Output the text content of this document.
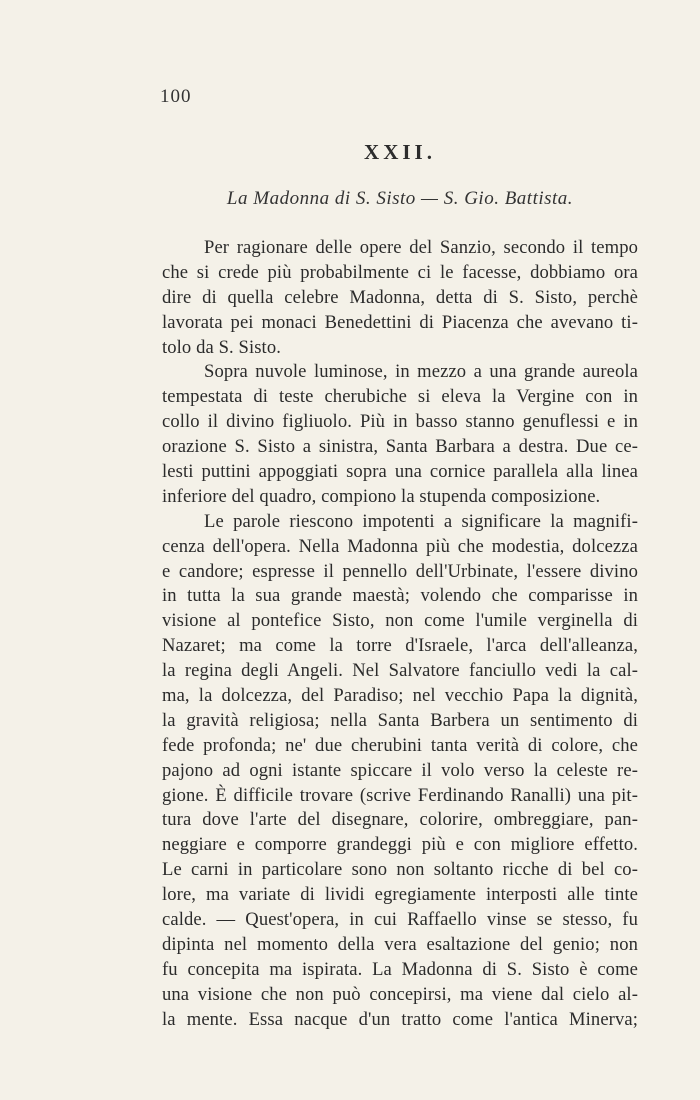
100
XXII.
La Madonna di S. Sisto — S. Gio. Battista.
Per ragionare delle opere del Sanzio, secondo il tempo
che si crede più probabilmente ci le facesse, dobbiamo ora
dire di quella celebre Madonna, detta di S. Sisto, perchè
lavorata pei monaci Benedettini di Piacenza che avevano ti-
tolo da S. Sisto.
Sopra nuvole luminose, in mezzo a una grande aureola
tempestata di teste cherubiche si eleva la Vergine con in
collo il divino figliuolo. Più in basso stanno genuflessi e in
orazione S. Sisto a sinistra, Santa Barbara a destra. Due ce-
lesti puttini appoggiati sopra una cornice parallela alla linea
inferiore del quadro, compiono la stupenda composizione.
Le parole riescono impotenti a significare la magnifi-
cenza dell'opera. Nella Madonna più che modestia, dolcezza
e candore; espresse il pennello dell'Urbinate, l'essere divino
in tutta la sua grande maestà; volendo che comparisse in
visione al pontefice Sisto, non come l'umile verginella di
Nazaret; ma come la torre d'Israele, l'arca dell'alleanza,
la regina degli Angeli. Nel Salvatore fanciullo vedi la cal-
ma, la dolcezza, del Paradiso; nel vecchio Papa la dignità,
la gravità religiosa; nella Santa Barbera un sentimento di
fede profonda; ne' due cherubini tanta verità di colore, che
pajono ad ogni istante spiccare il volo verso la celeste re-
gione. È difficile trovare (scrive Ferdinando Ranalli) una pit-
tura dove l'arte del disegnare, colorire, ombreggiare, pan-
neggiare e comporre grandeggi più e con migliore effetto.
Le carni in particolare sono non soltanto ricche di bel co-
lore, ma variate di lividi egregiamente interposti alle tinte
calde. — Quest'opera, in cui Raffaello vinse se stesso, fu
dipinta nel momento della vera esaltazione del genio; non
fu concepita ma ispirata. La Madonna di S. Sisto è come
una visione che non può concepirsi, ma viene dal cielo al-
la mente. Essa nacque d'un tratto come l'antica Minerva;
